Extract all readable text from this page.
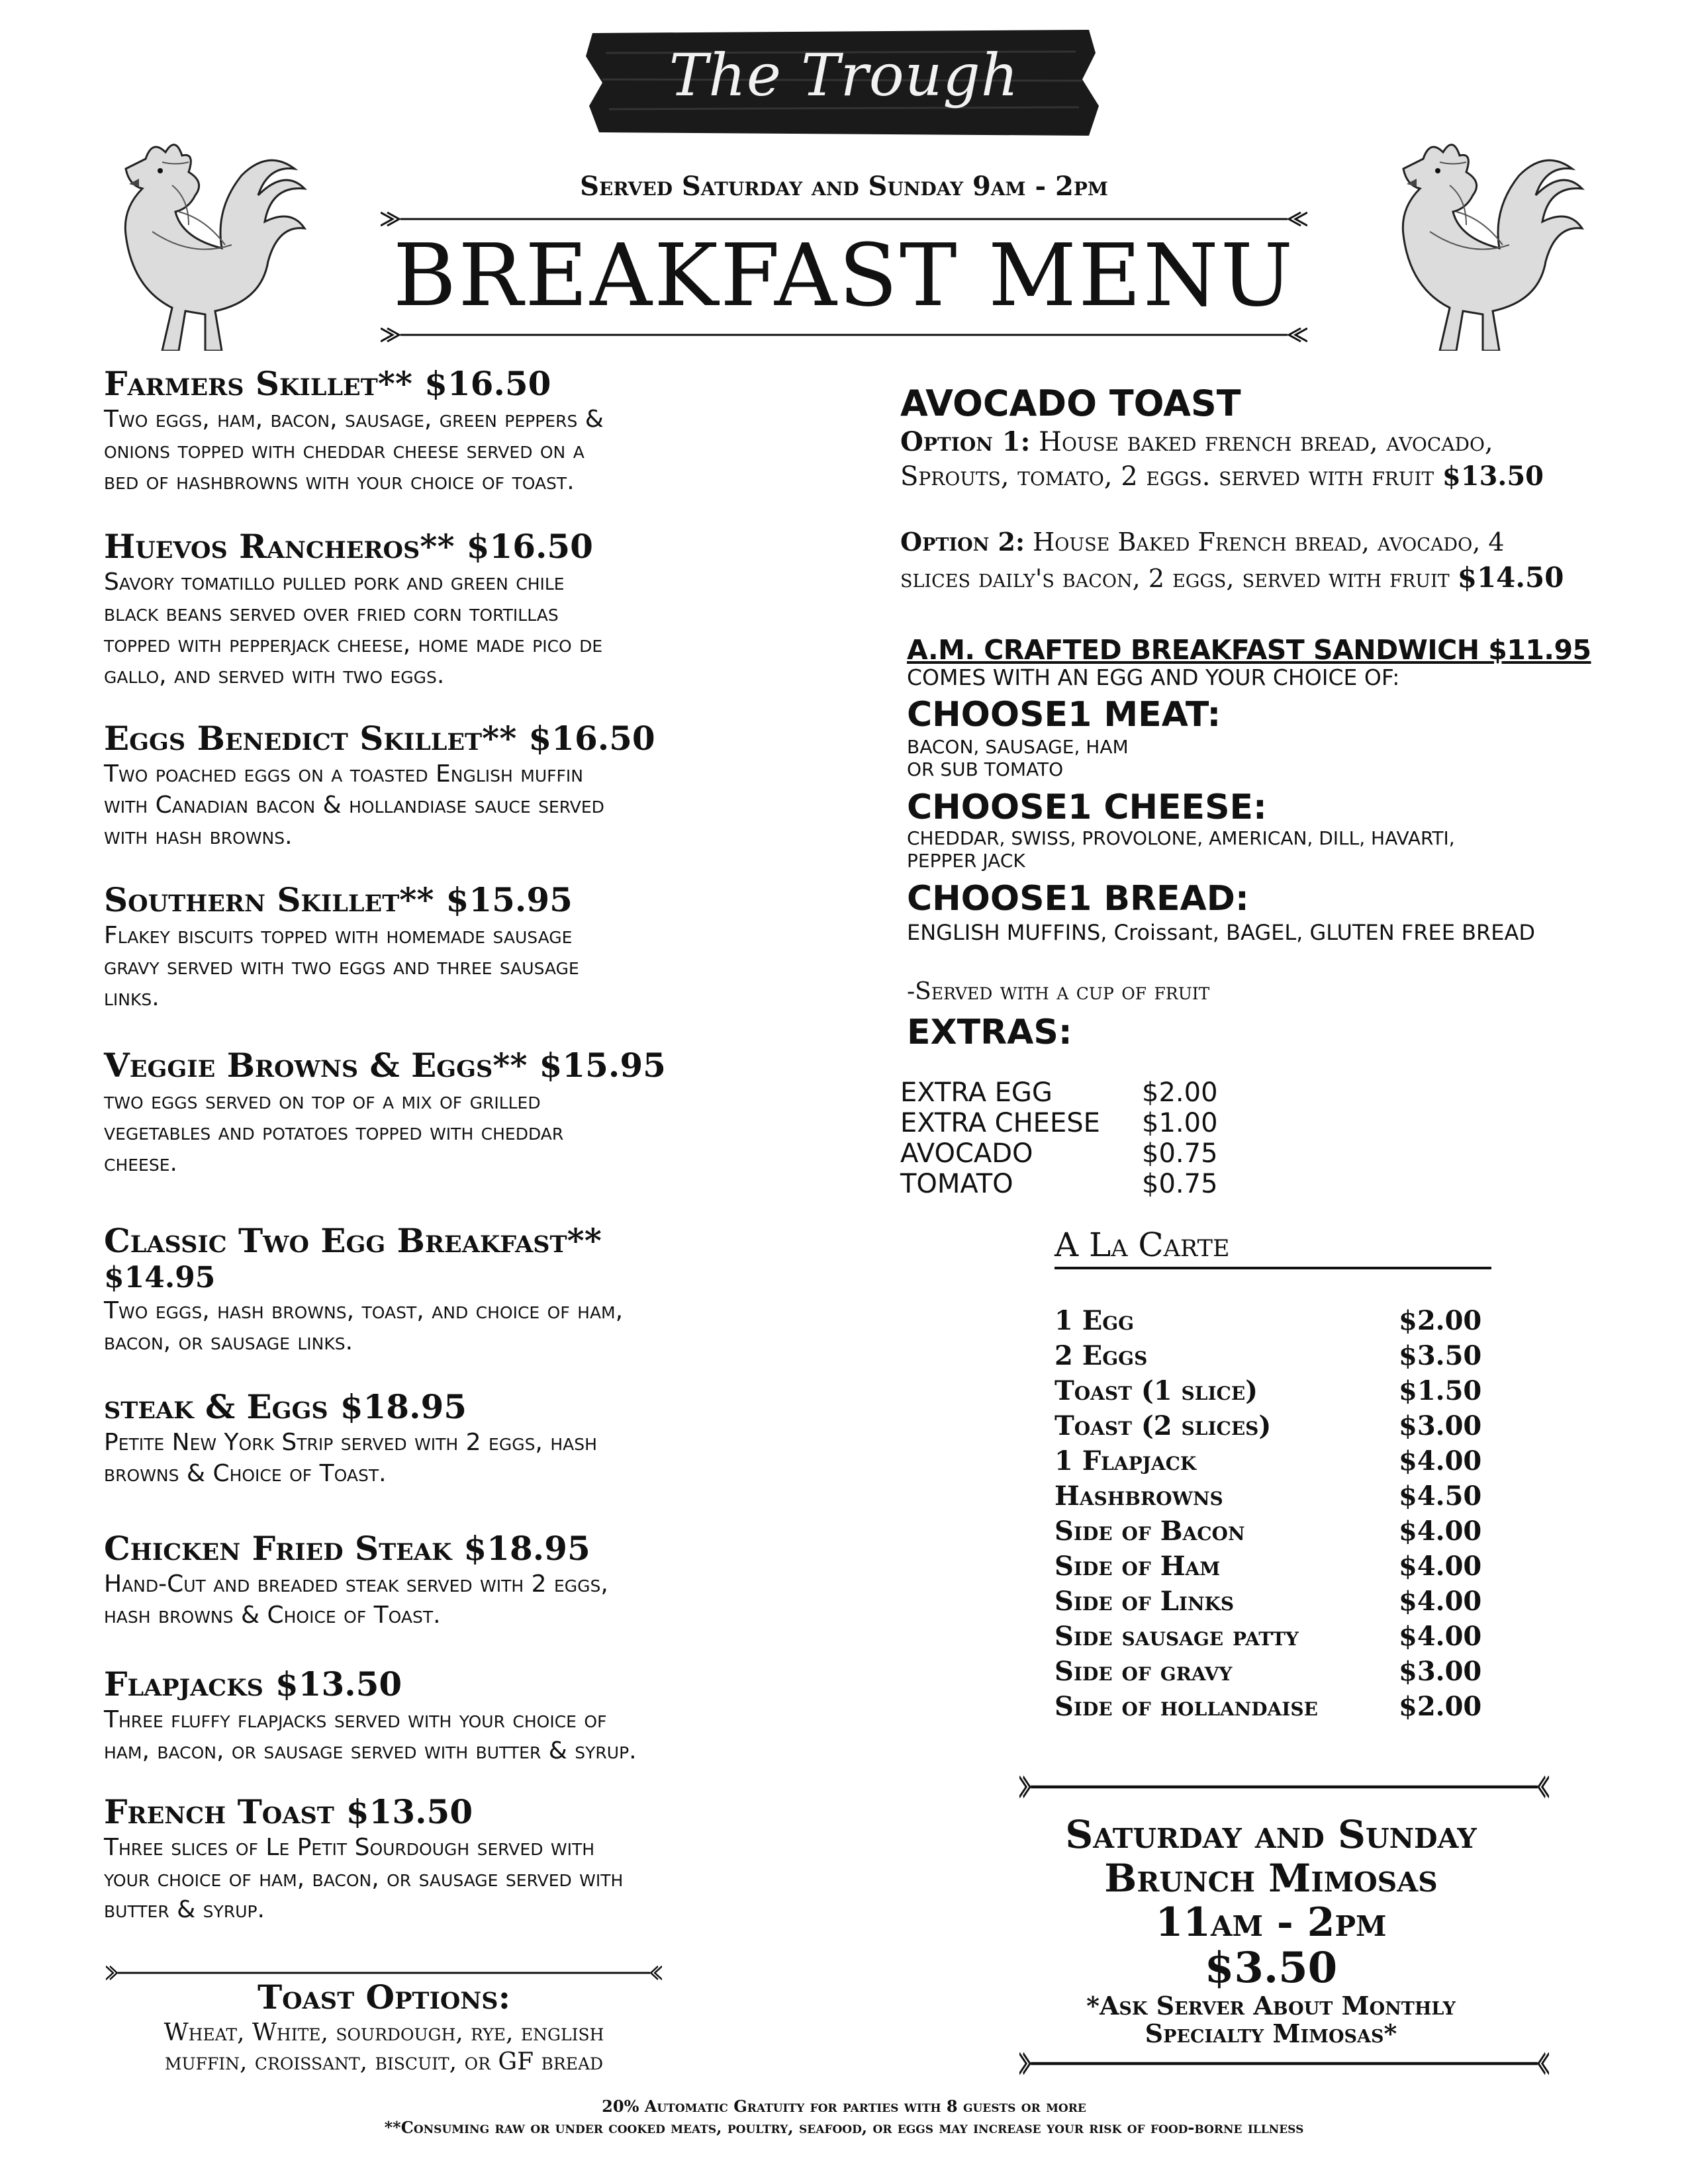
The Trough
Served Saturday and Sunday 9am - 2pm
BREAKFAST MENU
Farmers Skillet** $16.50
Two eggs, ham, bacon, sausage, green peppers &
onions topped with cheddar cheese served on a
bed of hashbrowns with your choice of toast.
Huevos Rancheros** $16.50
Savory tomatillo pulled pork and green chile
black beans served over fried corn tortillas
topped with pepperjack cheese, home made pico de
gallo, and served with two eggs.
Eggs Benedict Skillet** $16.50
Two poached eggs on a toasted English muffin
with Canadian bacon & hollandiase sauce served
with hash browns.
Southern Skillet** $15.95
Flakey biscuits topped with homemade sausage
gravy served with two eggs and three sausage
links.
Veggie Browns & Eggs** $15.95
two eggs served on top of a mix of grilled
vegetables and potatoes topped with cheddar
cheese.
Classic Two Egg Breakfast**
$14.95
Two eggs, hash browns, toast, and choice of ham,
bacon, or sausage links.
steak & Eggs $18.95
Petite New York Strip served with 2 eggs, hash
browns & Choice of Toast.
Chicken Fried Steak $18.95
Hand-Cut and breaded steak served with 2 eggs,
hash browns & Choice of Toast.
Flapjacks $13.50
Three fluffy flapjacks served with your choice of
ham, bacon, or sausage served with butter & syrup.
French Toast $13.50
Three slices of Le Petit Sourdough served with
your choice of ham, bacon, or sausage served with
butter & syrup.
Toast Options:
Wheat, White, sourdough, rye, english
muffin, croissant, biscuit, or GF bread
AVOCADO TOAST
Option 1: House baked french bread, avocado,
Sprouts, tomato, 2 eggs. served with fruit $13.50
Option 2: House Baked French bread, avocado, 4
slices daily's bacon, 2 eggs, served with fruit $14.50
A.M. CRAFTED BREAKFAST SANDWICH $11.95
COMES WITH AN EGG AND YOUR CHOICE OF:
CHOOSE1 MEAT:
BACON, SAUSAGE, HAM
OR SUB TOMATO
CHOOSE1 CHEESE:
CHEDDAR, SWISS, PROVOLONE, AMERICAN, DILL, HAVARTI,
PEPPER JACK
CHOOSE1 BREAD:
ENGLISH MUFFINS, Croissant, BAGEL, GLUTEN FREE BREAD
-Served with a cup of fruit
EXTRAS:
EXTRA EGG	$2.00
EXTRA CHEESE $1.00
AVOCADO	$0.75
TOMATO	$0.75
A La Carte
1 Egg	$2.00
2 Eggs	$3.50
Toast (1 slice)	$1.50
Toast (2 slices)	$3.00
1 Flapjack	$4.00
Hashbrowns	$4.50
Side of Bacon	$4.00
Side of Ham	$4.00
Side of Links	$4.00
Side sausage patty	$4.00
Side of gravy	$3.00
Side of hollandaise	$2.00
Saturday and Sunday
Brunch Mimosas
11am - 2pm
$3.50
*Ask Server About Monthly
Specialty Mimosas*
20% Automatic Gratuity for parties with 8 guests or more
**Consuming raw or under cooked meats, poultry, seafood, or eggs may increase your risk of food-borne illness
